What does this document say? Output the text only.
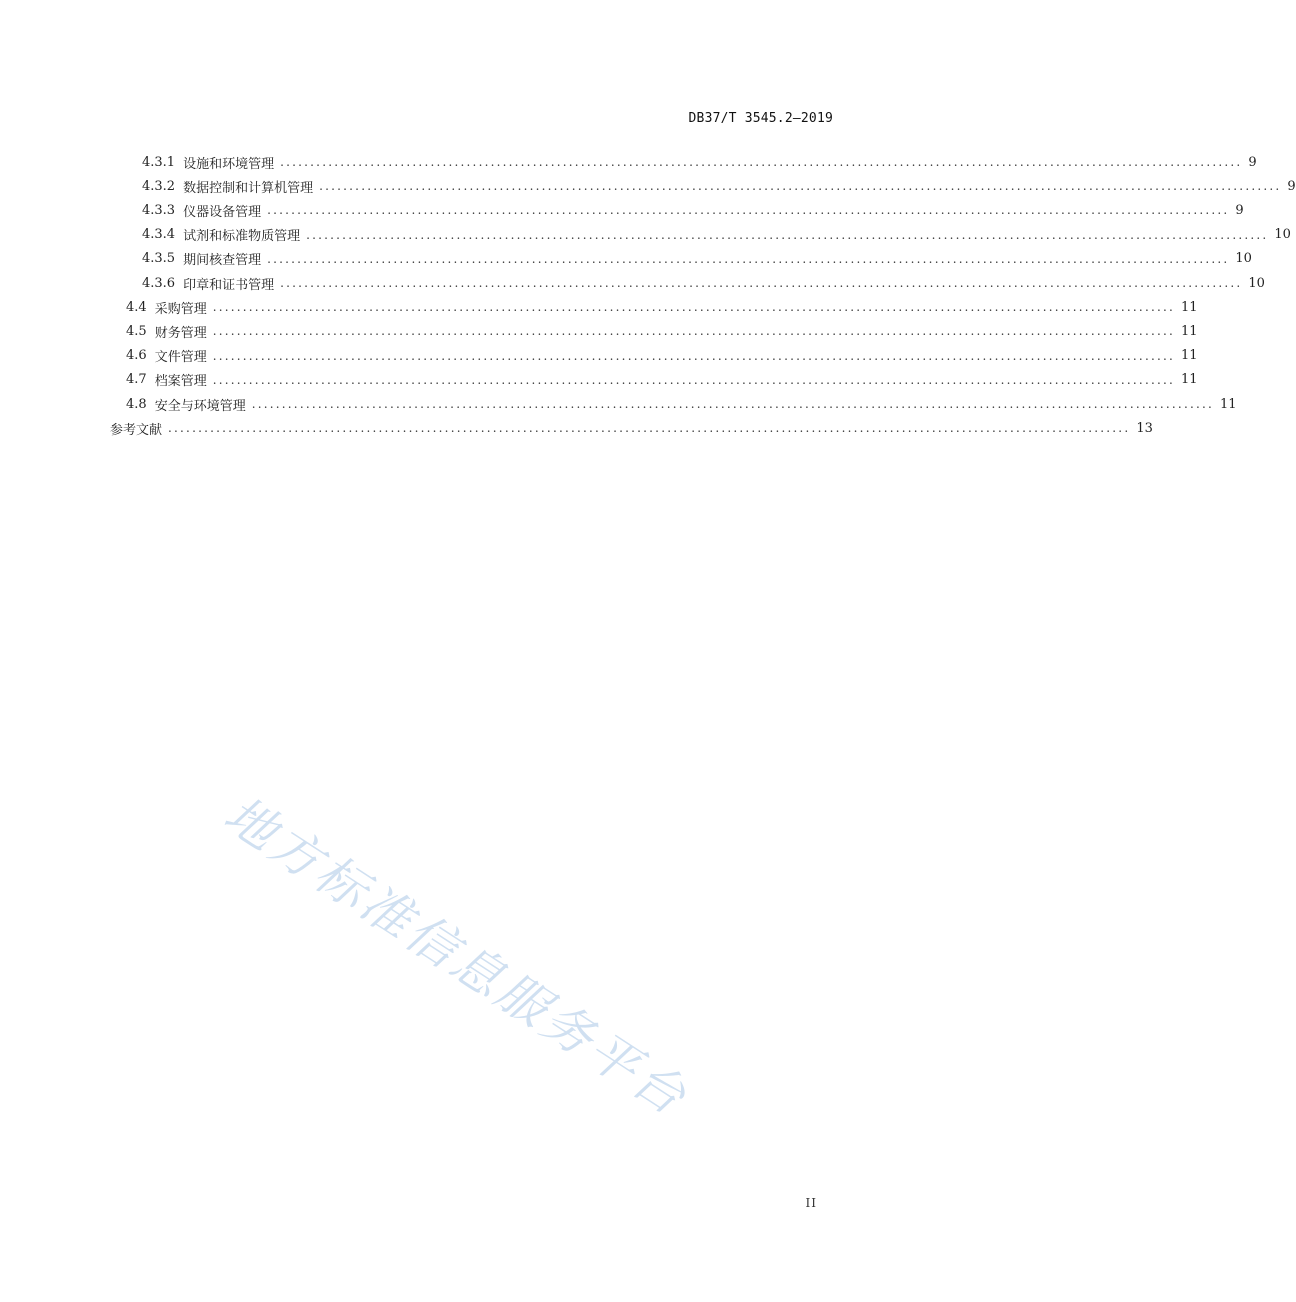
DB37/T 3545.2—2019
4.3.1 设施和环境管理 ................................................................................................................................................................ 9
4.3.2 数据控制和计算机管理 ................................................................................................................................................................ 9
4.3.3 仪器设备管理 ................................................................................................................................................................ 9
4.3.4 试剂和标准物质管理 ................................................................................................................................................................ 10
4.3.5 期间核查管理 ................................................................................................................................................................ 10
4.3.6 印章和证书管理 ................................................................................................................................................................ 10
4.4 采购管理 ................................................................................................................................................................ 11
4.5 财务管理 ................................................................................................................................................................ 11
4.6 文件管理 ................................................................................................................................................................ 11
4.7 档案管理 ................................................................................................................................................................ 11
4.8 安全与环境管理 ................................................................................................................................................................ 11
参考文献 ................................................................................................................................................................ 13
地方标准信息服务平台
II
